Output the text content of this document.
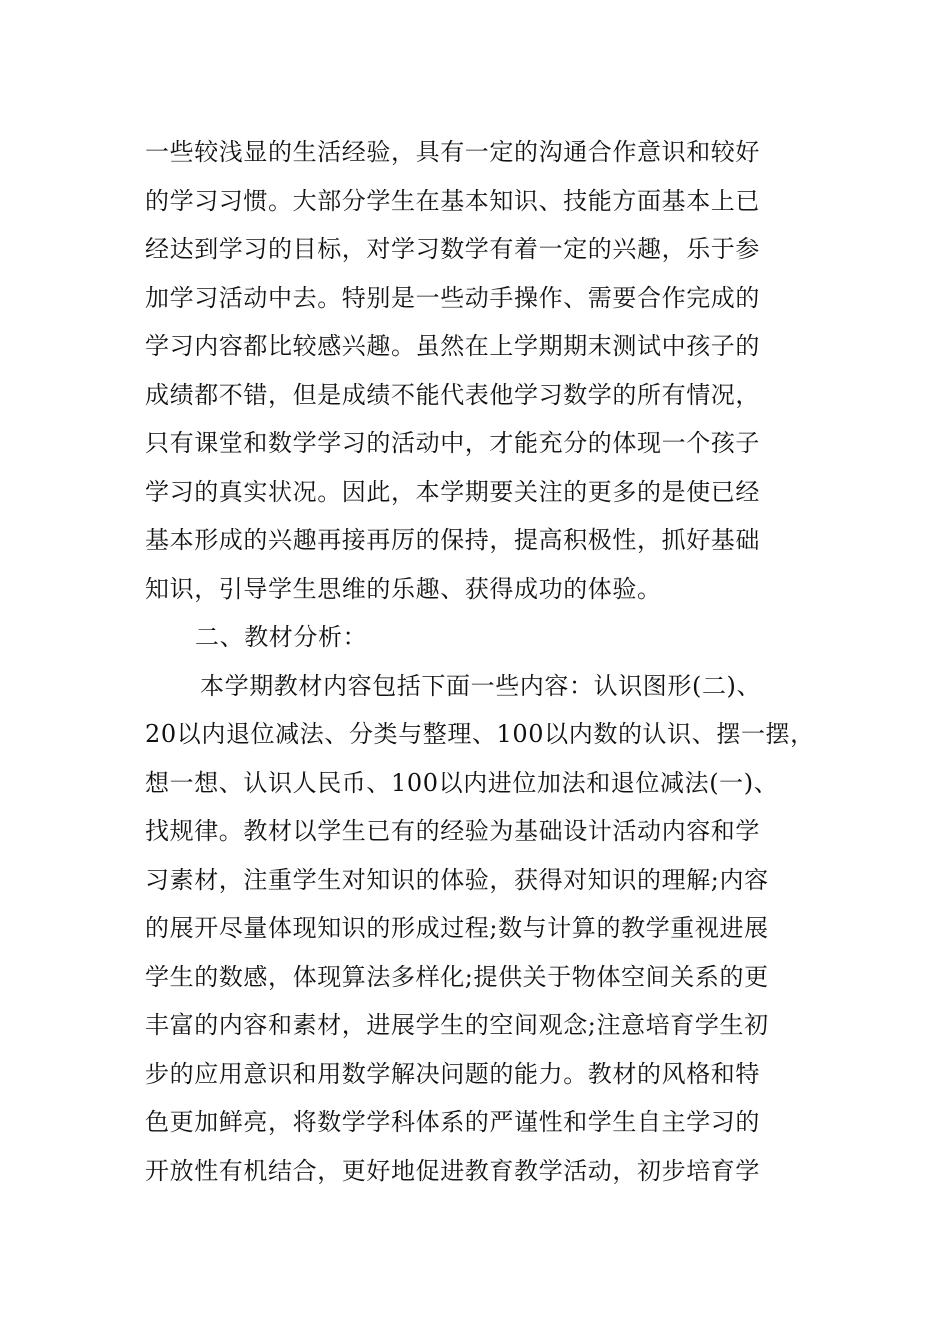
一些较浅显的生活经验，具有一定的沟通合作意识和较好
的学习习惯。大部分学生在基本知识、技能方面基本上已
经达到学习的目标，对学习数学有着一定的兴趣，乐于参
加学习活动中去。特别是一些动手操作、需要合作完成的
学习内容都比较感兴趣。虽然在上学期期末测试中孩子的
成绩都不错，但是成绩不能代表他学习数学的所有情况，
只有课堂和数学学习的活动中，才能充分的体现一个孩子
学习的真实状况。因此，本学期要关注的更多的是使已经
基本形成的兴趣再接再厉的保持，提高积极性，抓好基础
知识，引导学生思维的乐趣、获得成功的体验。
二、教材分析：
本学期教材内容包括下面一些内容：认识图形(二)、
20以内退位减法、分类与整理、100以内数的认识、摆一摆，
想一想、认识人民币、100以内进位加法和退位减法(一)、
找规律。教材以学生已有的经验为基础设计活动内容和学
习素材，注重学生对知识的体验，获得对知识的理解;内容
的展开尽量体现知识的形成过程;数与计算的教学重视进展
学生的数感，体现算法多样化;提供关于物体空间关系的更
丰富的内容和素材，进展学生的空间观念;注意培育学生初
步的应用意识和用数学解决问题的能力。教材的风格和特
色更加鲜亮，将数学学科体系的严谨性和学生自主学习的
开放性有机结合，更好地促进教育教学活动，初步培育学
